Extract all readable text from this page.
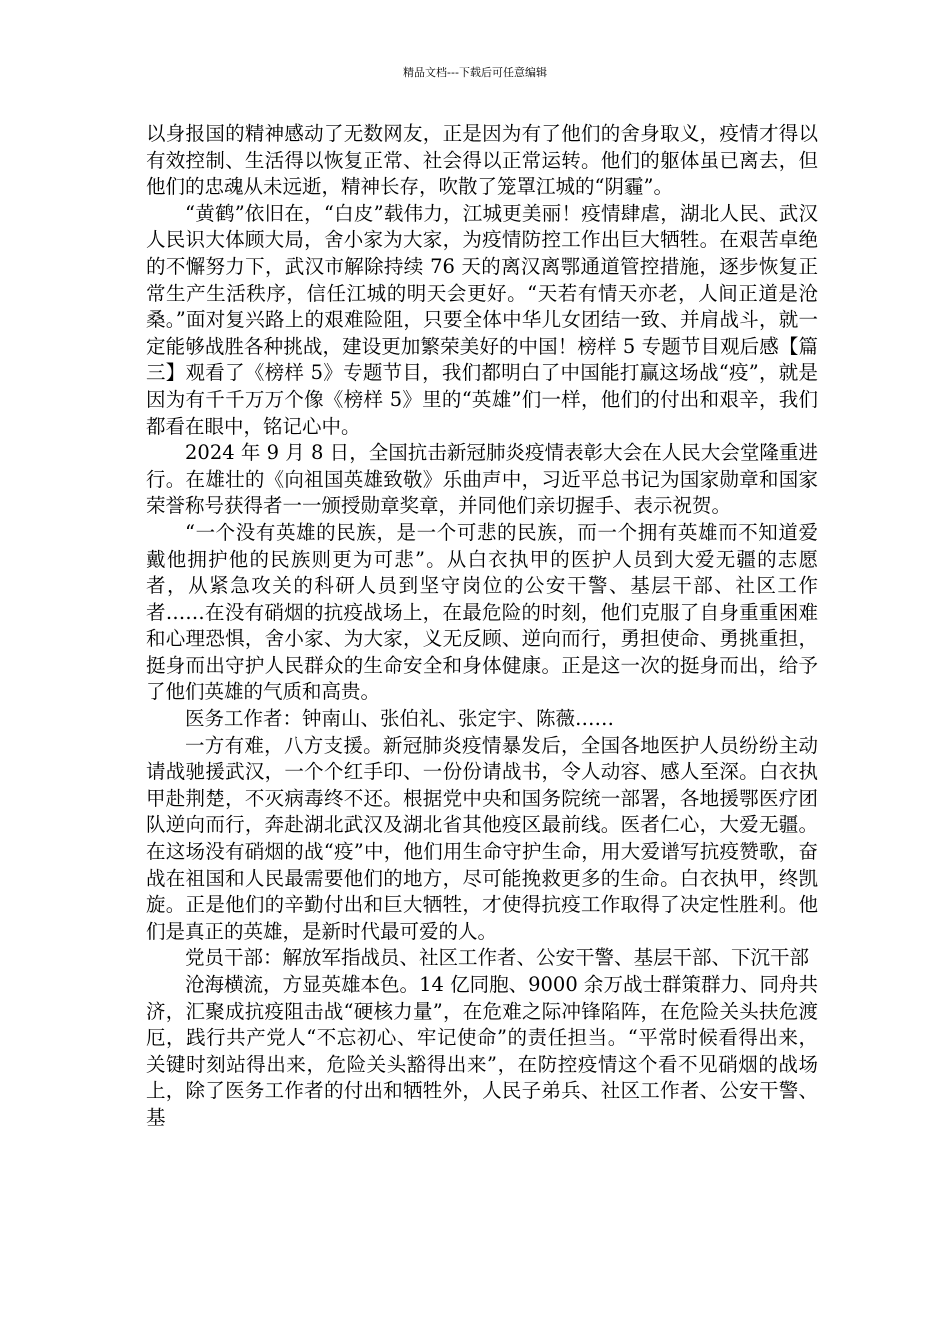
精品文档---下载后可任意编辑

以身报国的精神感动了无数网友，正是因为有了他们的舍身取义，疫情才得以有效控制、生活得以恢复正常、社会得以正常运转。他们的躯体虽已离去，但他们的忠魂从未远逝，精神长存，吹散了笼罩江城的“阴霾”。

“黄鹤”依旧在，“白皮”载伟力，江城更美丽！疫情肆虐，湖北人民、武汉人民识大体顾大局，舍小家为大家，为疫情防控工作出巨大牺牲。在艰苦卓绝的不懈努力下，武汉市解除持续 76 天的离汉离鄂通道管控措施，逐步恢复正常生产生活秩序，信任江城的明天会更好。“天若有情天亦老，人间正道是沧桑。”面对复兴路上的艰难险阻，只要全体中华儿女团结一致、并肩战斗，就一定能够战胜各种挑战，建设更加繁荣美好的中国！榜样 5 专题节目观后感【篇三】观看了《榜样 5》专题节目，我们都明白了中国能打赢这场战“疫”，就是因为有千千万万个像《榜样 5》里的“英雄”们一样，他们的付出和艰辛，我们都看在眼中，铭记心中。

2024 年 9 月 8 日，全国抗击新冠肺炎疫情表彰大会在人民大会堂隆重进行。在雄壮的《向祖国英雄致敬》乐曲声中，习近平总书记为国家勋章和国家荣誉称号获得者一一颁授勋章奖章，并同他们亲切握手、表示祝贺。

“一个没有英雄的民族，是一个可悲的民族，而一个拥有英雄而不知道爱戴他拥护他的民族则更为可悲”。从白衣执甲的医护人员到大爱无疆的志愿者，从紧急攻关的科研人员到坚守岗位的公安干警、基层干部、社区工作者……在没有硝烟的抗疫战场上，在最危险的时刻，他们克服了自身重重困难和心理恐惧，舍小家、为大家，义无反顾、逆向而行，勇担使命、勇挑重担，挺身而出守护人民群众的生命安全和身体健康。正是这一次的挺身而出，给予了他们英雄的气质和高贵。

医务工作者：钟南山、张伯礼、张定宇、陈薇……

一方有难，八方支援。新冠肺炎疫情暴发后，全国各地医护人员纷纷主动请战驰援武汉，一个个红手印、一份份请战书，令人动容、感人至深。白衣执甲赴荆楚，不灭病毒终不还。根据党中央和国务院统一部署，各地援鄂医疗团队逆向而行，奔赴湖北武汉及湖北省其他疫区最前线。医者仁心，大爱无疆。在这场没有硝烟的战“疫”中，他们用生命守护生命，用大爱谱写抗疫赞歌，奋战在祖国和人民最需要他们的地方，尽可能挽救更多的生命。白衣执甲，终凯旋。正是他们的辛勤付出和巨大牺牲，才使得抗疫工作取得了决定性胜利。他们是真正的英雄，是新时代最可爱的人。

党员干部：解放军指战员、社区工作者、公安干警、基层干部、下沉干部

沧海横流，方显英雄本色。14 亿同胞、9000 余万战士群策群力、同舟共济，汇聚成抗疫阻击战“硬核力量”，在危难之际冲锋陷阵，在危险关头扶危渡厄，践行共产党人“不忘初心、牢记使命”的责任担当。“平常时候看得出来，关键时刻站得出来，危险关头豁得出来”，在防控疫情这个看不见硝烟的战场上，除了医务工作者的付出和牺牲外，人民子弟兵、社区工作者、公安干警、基
